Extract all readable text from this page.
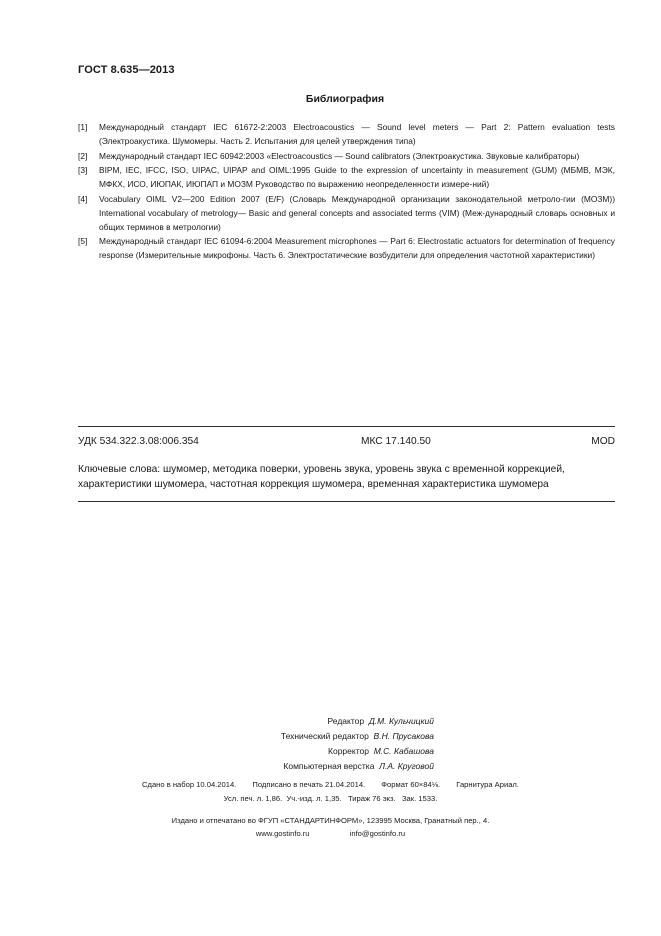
ГОСТ 8.635—2013
Библиография
[1]	Международный стандарт IEC 61672-2:2003 Electroacoustics — Sound level meters — Part 2: Pattern evaluation tests (Электроакустика. Шумомеры. Часть 2. Испытания для целей утверждения типа)
[2]	Международный стандарт IEC 60942:2003 «Electroacoustics — Sound calibrators (Электроакустика. Звуковые калибраторы)
[3]	BIPM, IEC, IFCC, ISO, UIPAC, UIPAP and OIML:1995 Guide to the expression of uncertainty in measurement (GUM) (МБМВ, МЭК, МФКХ, ИСО, ИЮПАК, ИЮПАП и МОЗМ Руководство по выражению неопределенности измере-ний)
[4]	Vocabulary OIML V2—200 Edition 2007 (E/F) (Словарь Международной организации законодательной метроло-гии (МОЗМ)) International vocabulary of metrology— Basic and general concepts and associated terms (VIM) (Меж-дународный словарь основных и общих терминов в метрологии)
[5]	Международный стандарт IEC 61094-6:2004 Measurement microphones — Part 6: Electrostatic actuators for determination of frequency response (Измерительные микрофоны. Часть 6. Электростатические возбудители для определения частотной характеристики)
УДК 534.322.3.08:006.354	МКС 17.140.50	MOD
Ключевые слова: шумомер, методика поверки, уровень звука, уровень звука с временной коррекцией, характеристики шумомера, частотная коррекция шумомера, временная характеристика шумомера
Редактор Д.М. Кульчицкий
Технический редактор В.Н. Прусакова
Корректор М.С. Кабашова
Компьютерная верстка Л.А. Круговой
Сдано в набор 10.04.2014. Подписано в печать 21.04.2014. Формат 60×84⅛. Гарнитура Ариал.
Усл. печ. л. 1,86. Уч.-изд. л. 1,35. Тираж 76 экз. Зак. 1533.
Издано и отпечатано во ФГУП «СТАНДАРТИНФОРМ», 123995 Москва, Гранатный пер., 4.
www.gostinfo.ru	info@gostinfo.ru
